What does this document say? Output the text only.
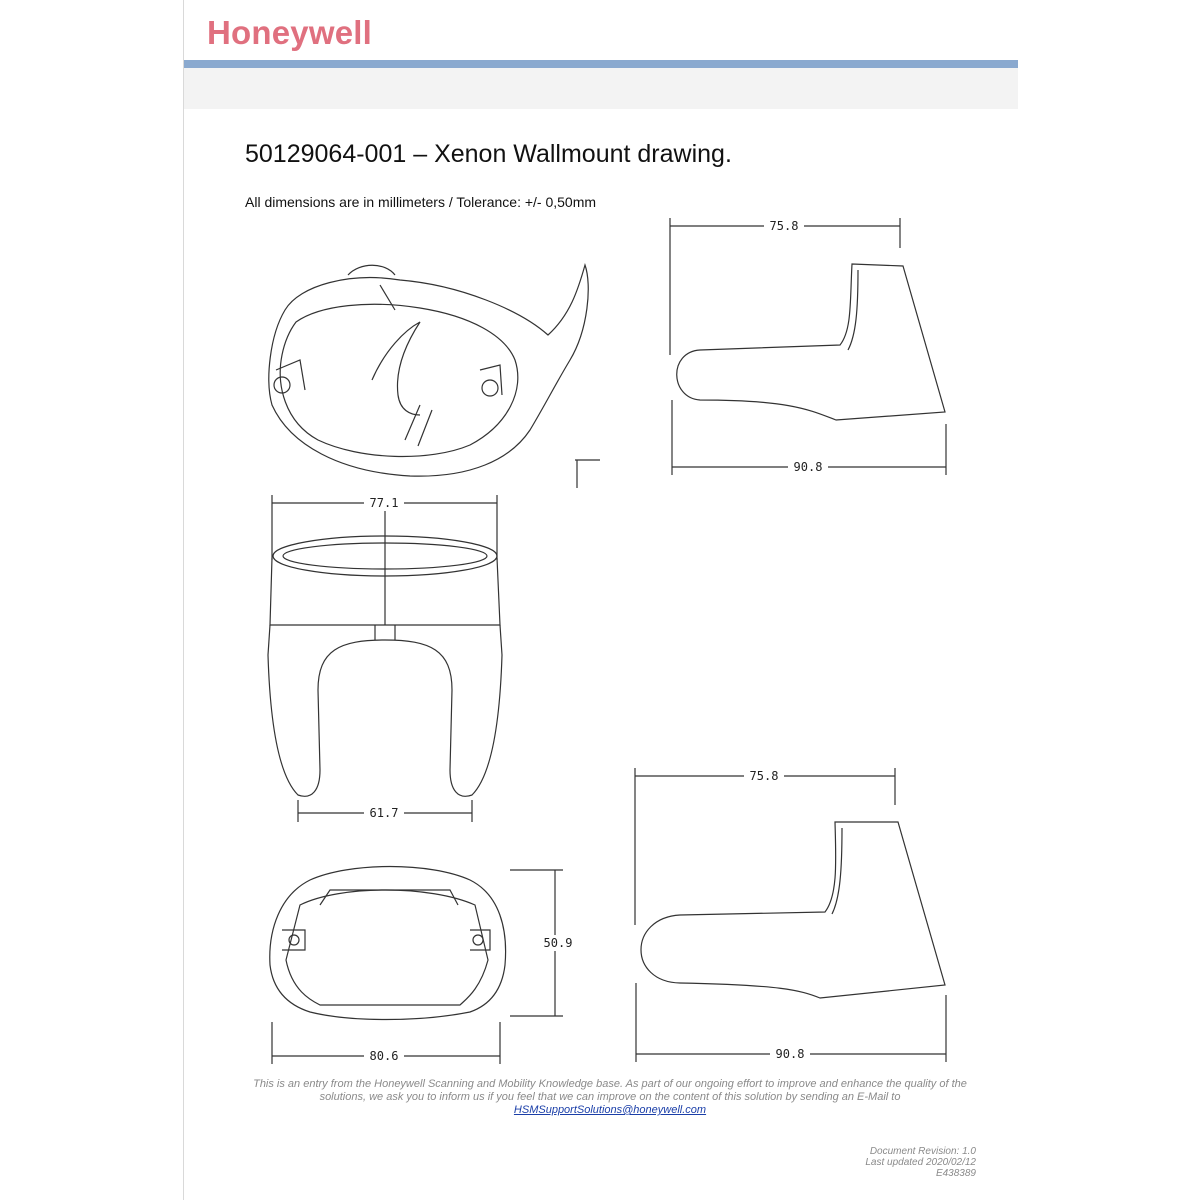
Honeywell
50129064-001 – Xenon Wallmount drawing.
All dimensions are in millimeters / Tolerance: +/- 0,50mm
75.8
90.8
77.1
61.7
50.9
80.6
75.8
90.8
This is an entry from the Honeywell Scanning and Mobility Knowledge base. As part of our ongoing effort to improve and enhance the quality of the solutions, we ask you to inform us if you feel that we can improve on the content of this solution by sending an E-Mail to
HSMSupportSolutions@honeywell.com
Document Revision: 1.0
Last updated 2020/02/12
E438389
